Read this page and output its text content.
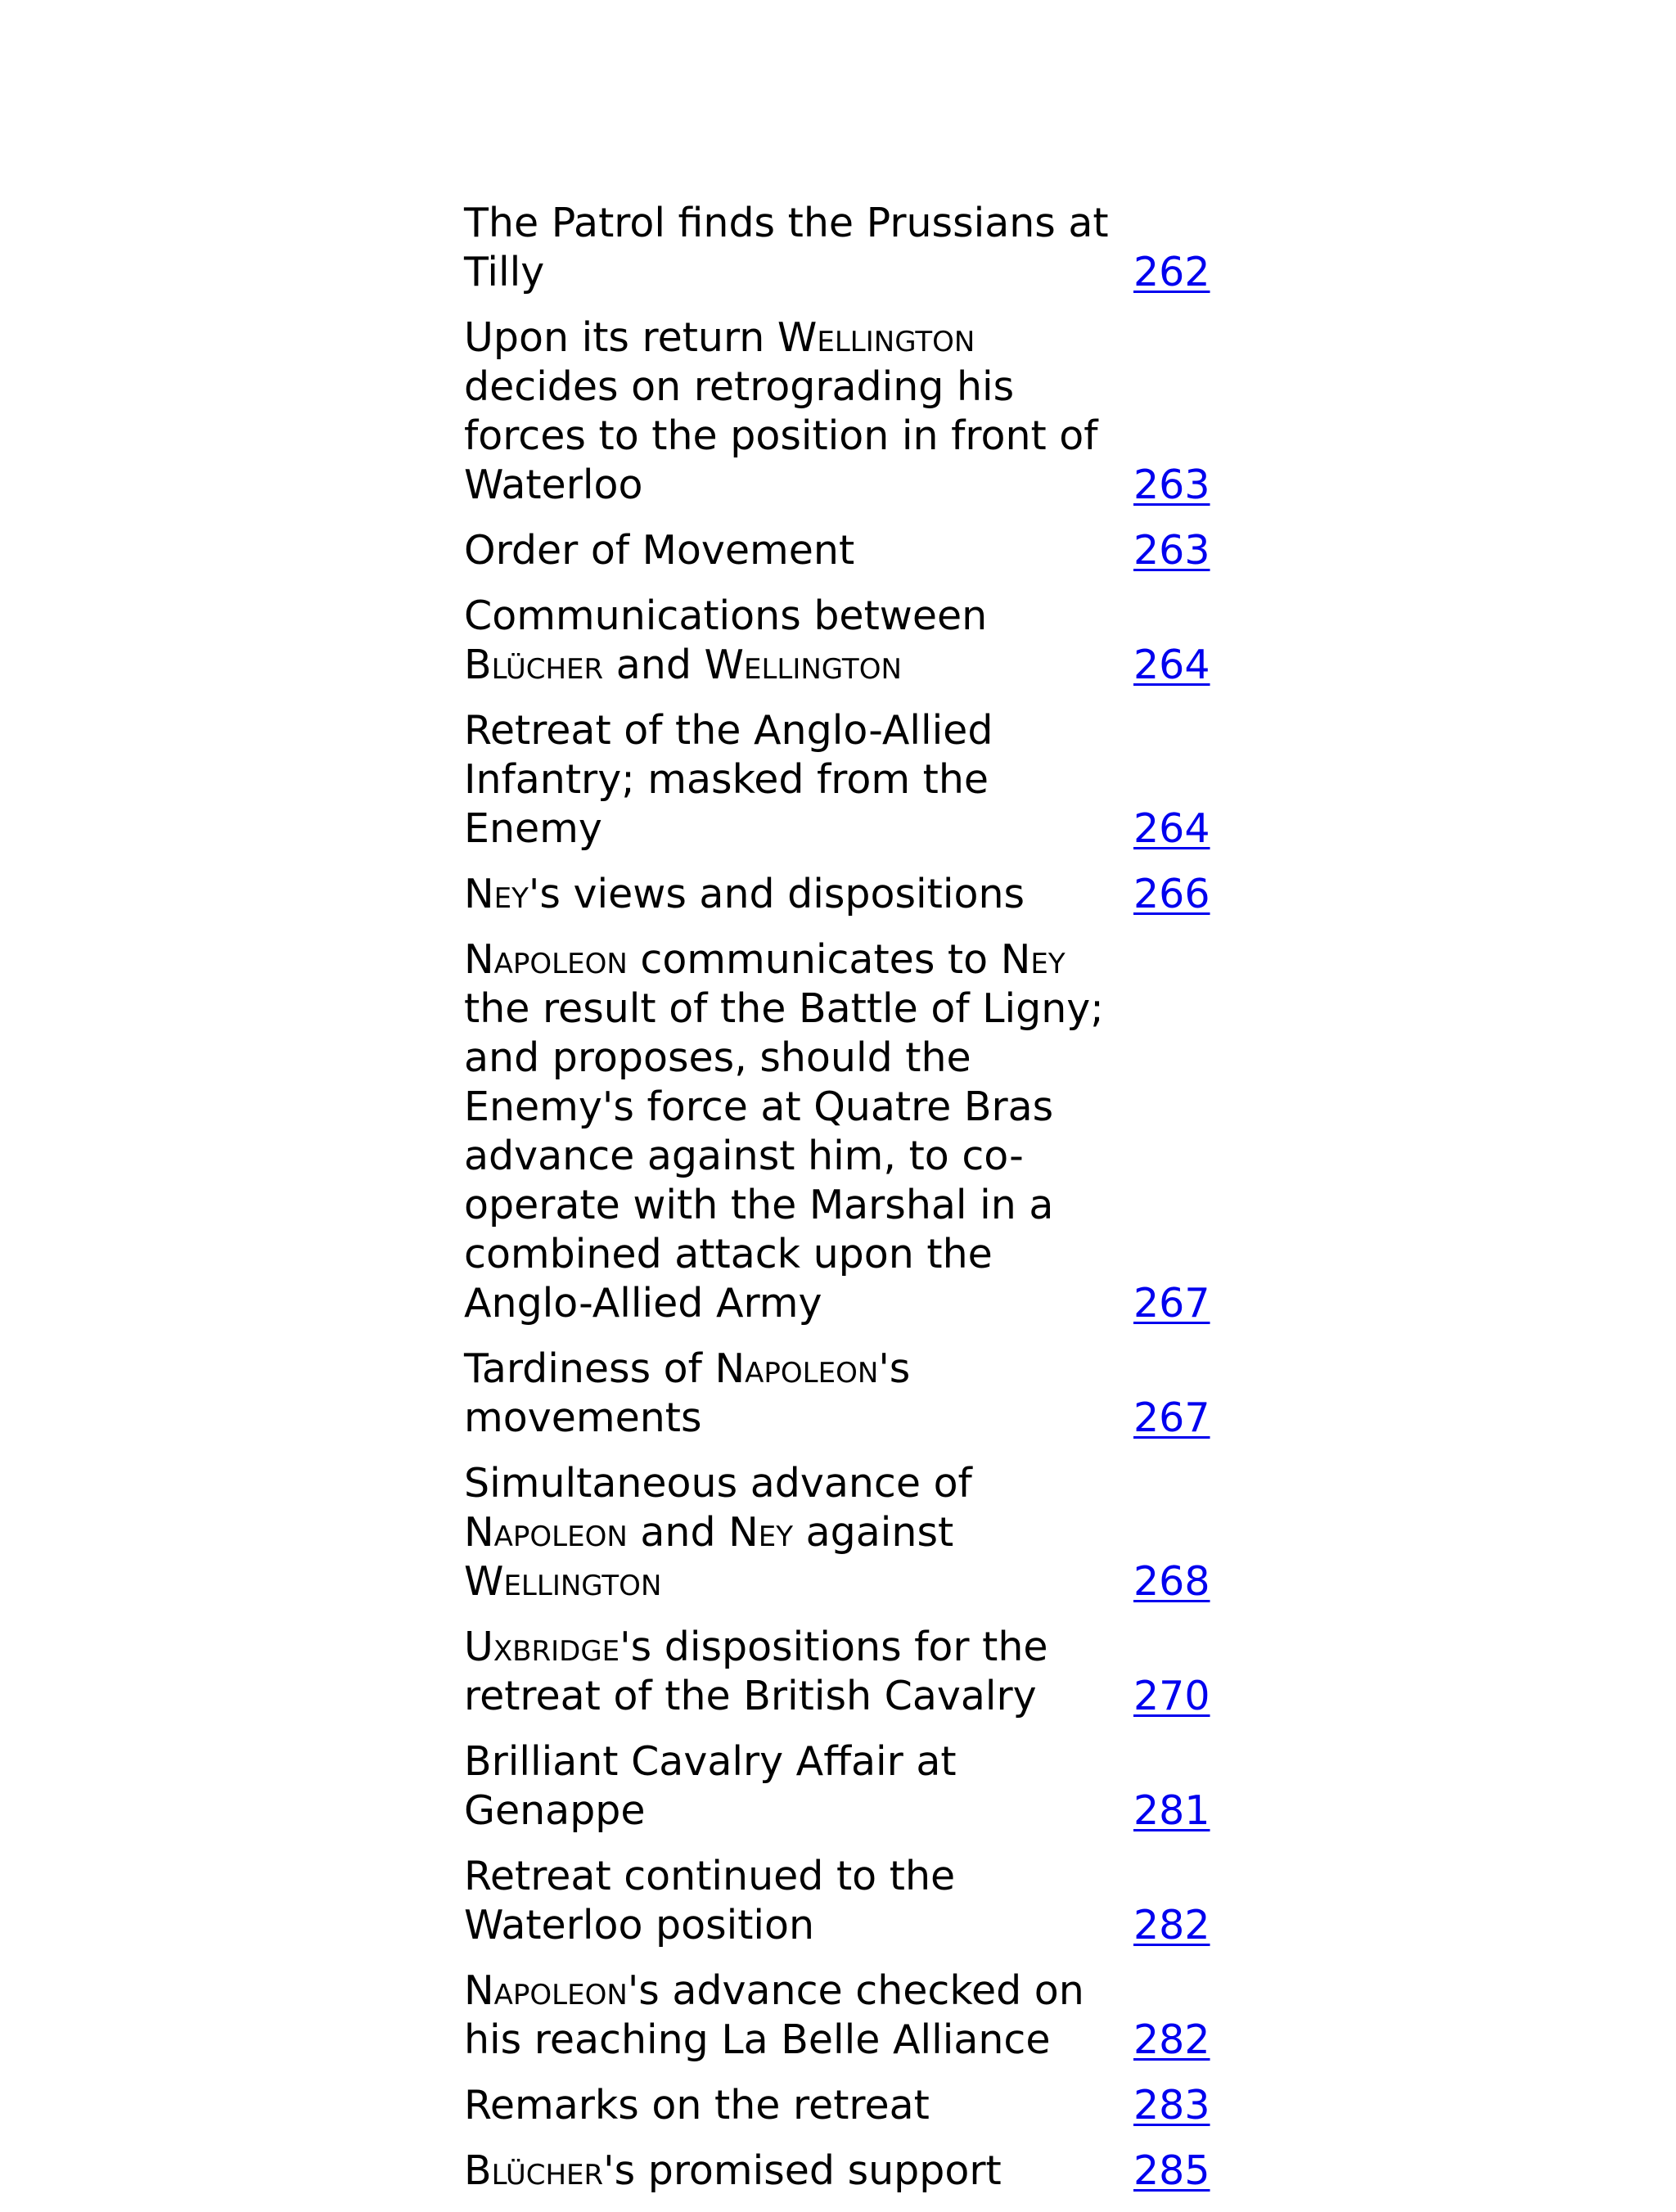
The Patrol finds the Prussians at Tilly	262
Upon its return Wellington decides on retrograding his forces to the position in front of Waterloo	263
Order of Movement	263
Communications between Blücher and Wellington	264
Retreat of the Anglo-Allied Infantry; masked from the Enemy	264
Ney's views and dispositions	266
Napoleon communicates to Ney the result of the Battle of Ligny; and proposes, should the Enemy's force at Quatre Bras advance against him, to co-operate with the Marshal in a combined attack upon the Anglo-Allied Army	267
Tardiness of Napoleon's movements	267
Simultaneous advance of Napoleon and Ney against Wellington	268
Uxbridge's dispositions for the retreat of the British Cavalry	270
Brilliant Cavalry Affair at Genappe	281
Retreat continued to the Waterloo position	282
Napoleon's advance checked on his reaching La Belle Alliance	282
Remarks on the retreat	283
Blücher's promised support	285
